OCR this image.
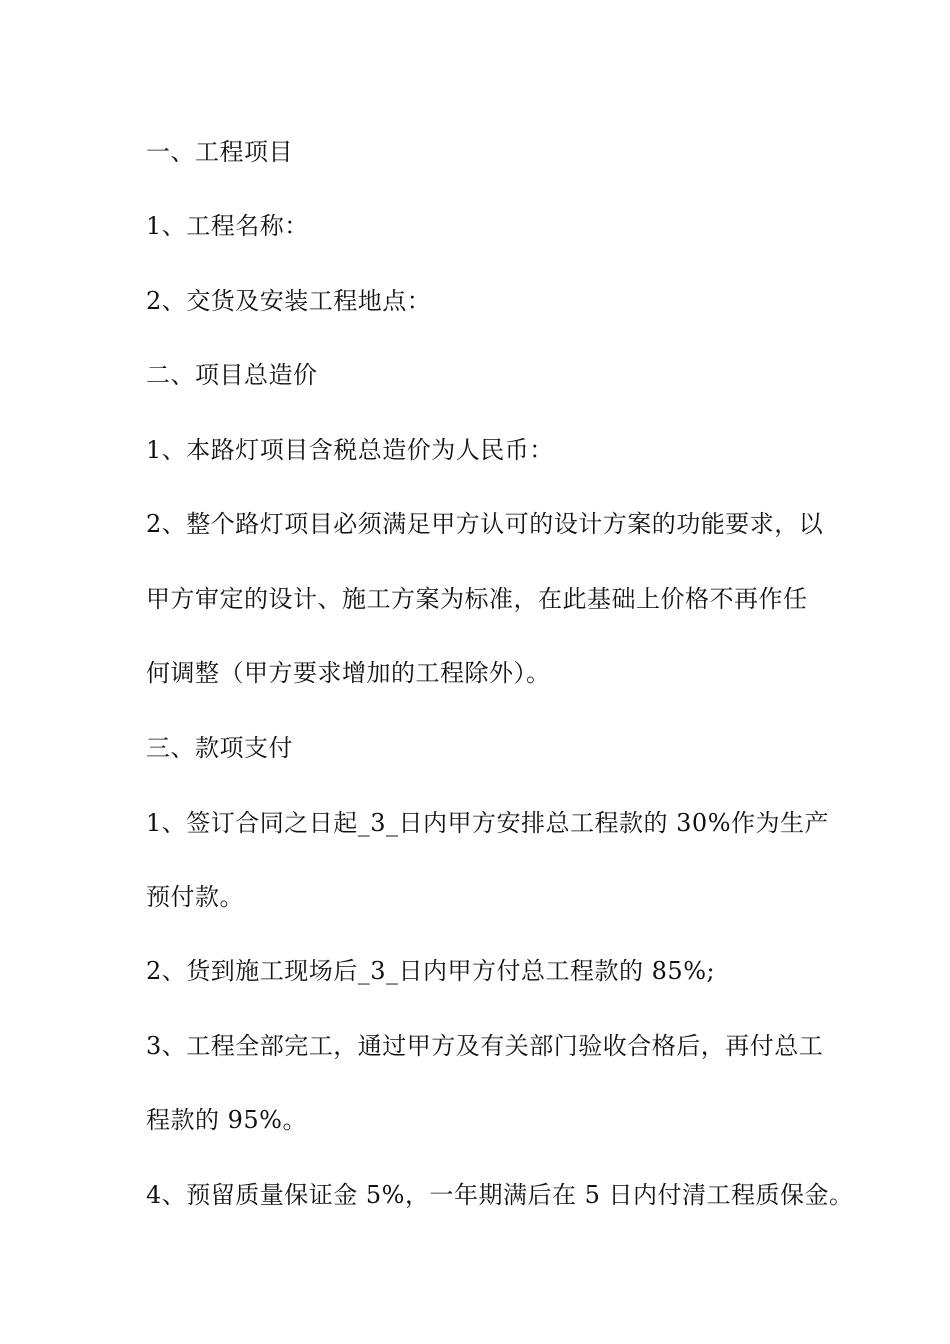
一、工程项目
1、工程名称：
2、交货及安装工程地点：
二、项目总造价
1、本路灯项目含税总造价为人民币：
2、整个路灯项目必须满足甲方认可的设计方案的功能要求，以
甲方审定的设计、施工方案为标准，在此基础上价格不再作任
何调整（甲方要求增加的工程除外）。
三、款项支付
1、签订合同之日起_3_日内甲方安排总工程款的 30%作为生产
预付款。
2、货到施工现场后_3_日内甲方付总工程款的 85%;
3、工程全部完工，通过甲方及有关部门验收合格后，再付总工
程款的 95%。
4、预留质量保证金 5%，一年期满后在 5 日内付清工程质保金。
